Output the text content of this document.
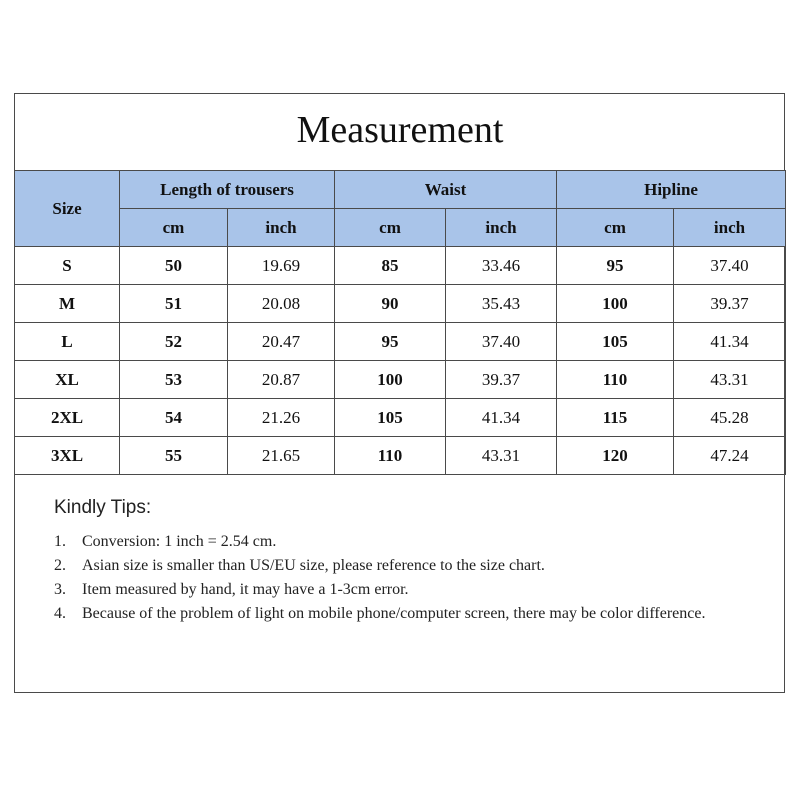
Measurement
Size	Length of trousers		Waist		Hipline	
	cm	inch	cm	inch	cm	inch
S	50	19.69	85	33.46	95	37.40
M	51	20.08	90	35.43	100	39.37
L	52	20.47	95	37.40	105	41.34
XL	53	20.87	100	39.37	110	43.31
2XL	54	21.26	105	41.34	115	45.28
3XL	55	21.65	110	43.31	120	47.24
Kindly Tips:
1. Conversion: 1 inch = 2.54 cm.
2. Asian size is smaller than US/EU size, please reference to the size chart.
3. Item measured by hand, it may have a 1-3cm error.
4. Because of the problem of light on mobile phone/computer screen, there may be color difference.
